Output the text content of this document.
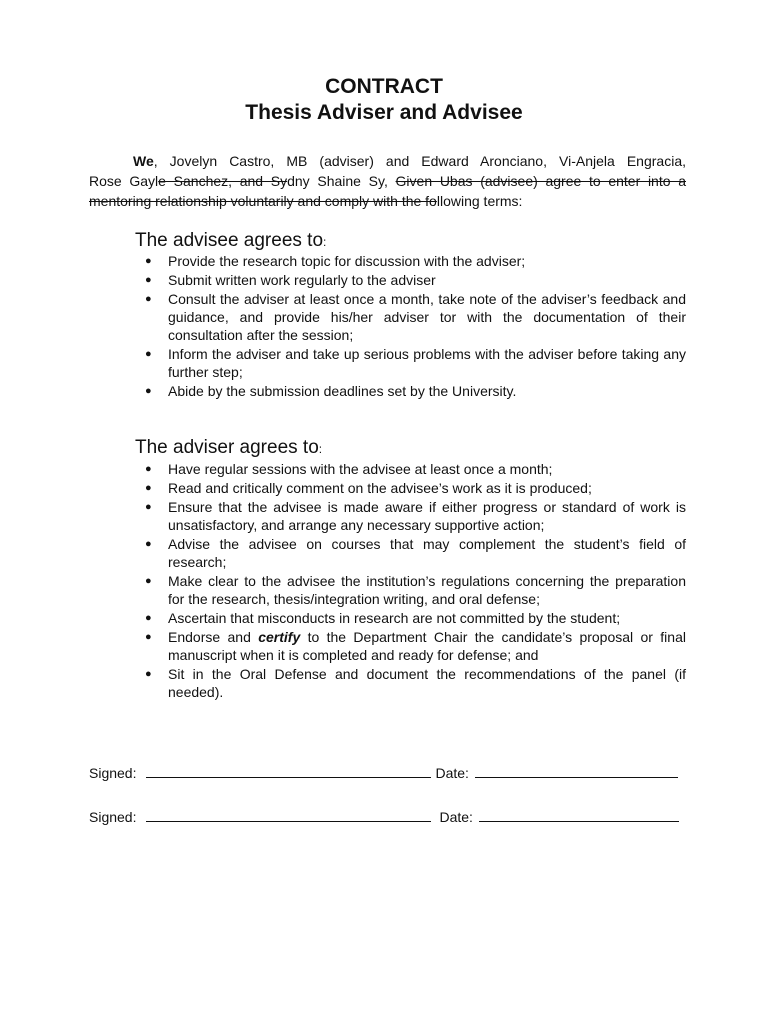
CONTRACT
Thesis Adviser and Advisee
We, Jovelyn Castro, MB (adviser) and Edward Aronciano, Vi-Anjela Engracia,
Rose Gayle Sanchez, and Sydny Shaine Sy, Given Ubas (advisee) agree to enter into a
mentoring relationship voluntarily and comply with the following terms:
The advisee agrees to:
● Provide the research topic for discussion with the adviser;
● Submit written work regularly to the adviser
● Consult the adviser at least once a month, take note of the adviser’s feedback and guidance, and provide his/her adviser tor with the documentation of their consultation after the session;
● Inform the adviser and take up serious problems with the adviser before taking any further step;
● Abide by the submission deadlines set by the University.
The adviser agrees to:
● Have regular sessions with the advisee at least once a month;
● Read and critically comment on the advisee’s work as it is produced;
● Ensure that the advisee is made aware if either progress or standard of work is unsatisfactory, and arrange any necessary supportive action;
● Advise the advisee on courses that may complement the student’s field of research;
● Make clear to the advisee the institution’s regulations concerning the preparation for the research, thesis/integration writing, and oral defense;
● Ascertain that misconducts in research are not committed by the student;
● Endorse and certify to the Department Chair the candidate’s proposal or final manuscript when it is completed and ready for defense; and
● Sit in the Oral Defense and document the recommendations of the panel (if needed).
Signed:	Date:
Signed:	Date:
